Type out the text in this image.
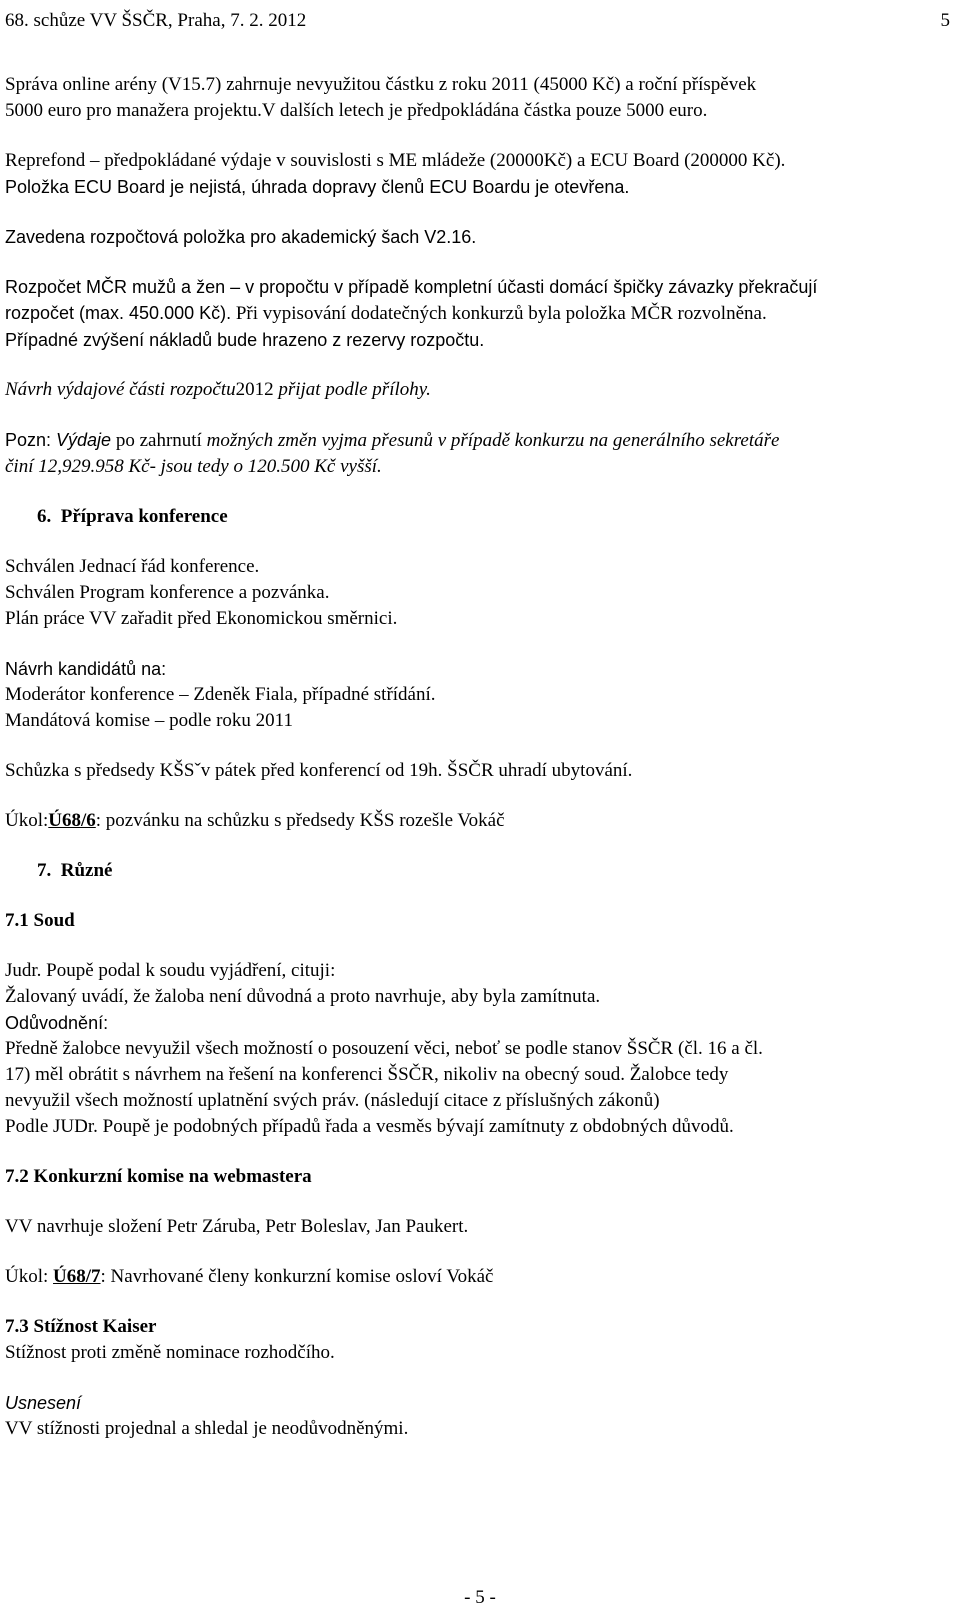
68. schůze VV ŠSČR, Praha, 7. 2. 2012	5

Správa online arény (V15.7) zahrnuje nevyužitou částku z roku 2011 (45000 Kč) a roční příspěvek

5000 euro pro manažera projektu.V dalších letech je předpokládána částka pouze 5000 euro.

Reprefond – předpokládané výdaje v souvislosti s ME mládeže (20000Kč) a ECU Board (200000 Kč).

Položka ECU Board je nejistá, úhrada dopravy členů ECU Boardu je otevřena.

Zavedena rozpočtová položka pro akademický šach V2.16.

Rozpočet MČR mužů a žen – v propočtu v případě kompletní účasti domácí špičky závazky překračují

rozpočet (max. 450.000 Kč). Při vypisování dodatečných konkurzů byla položka MČR rozvolněna.

Případné zvýšení nákladů bude hrazeno z rezervy rozpočtu.

Návrh výdajové části rozpočtu2012 přijat podle přílohy.

Pozn: Výdaje po zahrnutí možných změn vyjma přesunů v případě konkurzu na generálního sekretáře

činí 12,929.958 Kč- jsou tedy o 120.500 Kč vyšší.

6. Příprava konference

Schválen Jednací řád konference.

Schválen Program konference a pozvánka.

Plán práce VV zařadit před Ekonomickou směrnici.

Návrh kandidátů na:

Moderátor konference – Zdeněk Fiala, případné střídání.

Mandátová komise – podle roku 2011

Schůzka s předsedy KŠSˇv pátek před konferencí od 19h. ŠSČR uhradí ubytování.

Úkol:Ú68/6: pozvánku na schůzku s předsedy KŠS rozešle Vokáč

7. Různé

7.1 Soud

Judr. Poupě podal k soudu vyjádření, cituji:

Žalovaný uvádí, že žaloba není důvodná a proto navrhuje, aby byla zamítnuta.

Odůvodnění:

Předně žalobce nevyužil všech možností o posouzení věci, neboť se podle stanov ŠSČR (čl. 16 a čl.

17) měl obrátit s návrhem na řešení na konferenci ŠSČR, nikoliv na obecný soud. Žalobce tedy

nevyužil všech možností uplatnění svých práv. (následují citace z příslušných zákonů)

Podle JUDr. Poupě je podobných případů řada a vesměs bývají zamítnuty z obdobných důvodů.

7.2 Konkurzní komise na webmastera

VV navrhuje složení Petr Záruba, Petr Boleslav, Jan Paukert.

Úkol: Ú68/7: Navrhované členy konkurzní komise osloví Vokáč

7.3 Stížnost Kaiser

Stížnost proti změně nominace rozhodčího.

Usnesení

VV stížnosti projednal a shledal je neodůvodněnými.

- 5 -
